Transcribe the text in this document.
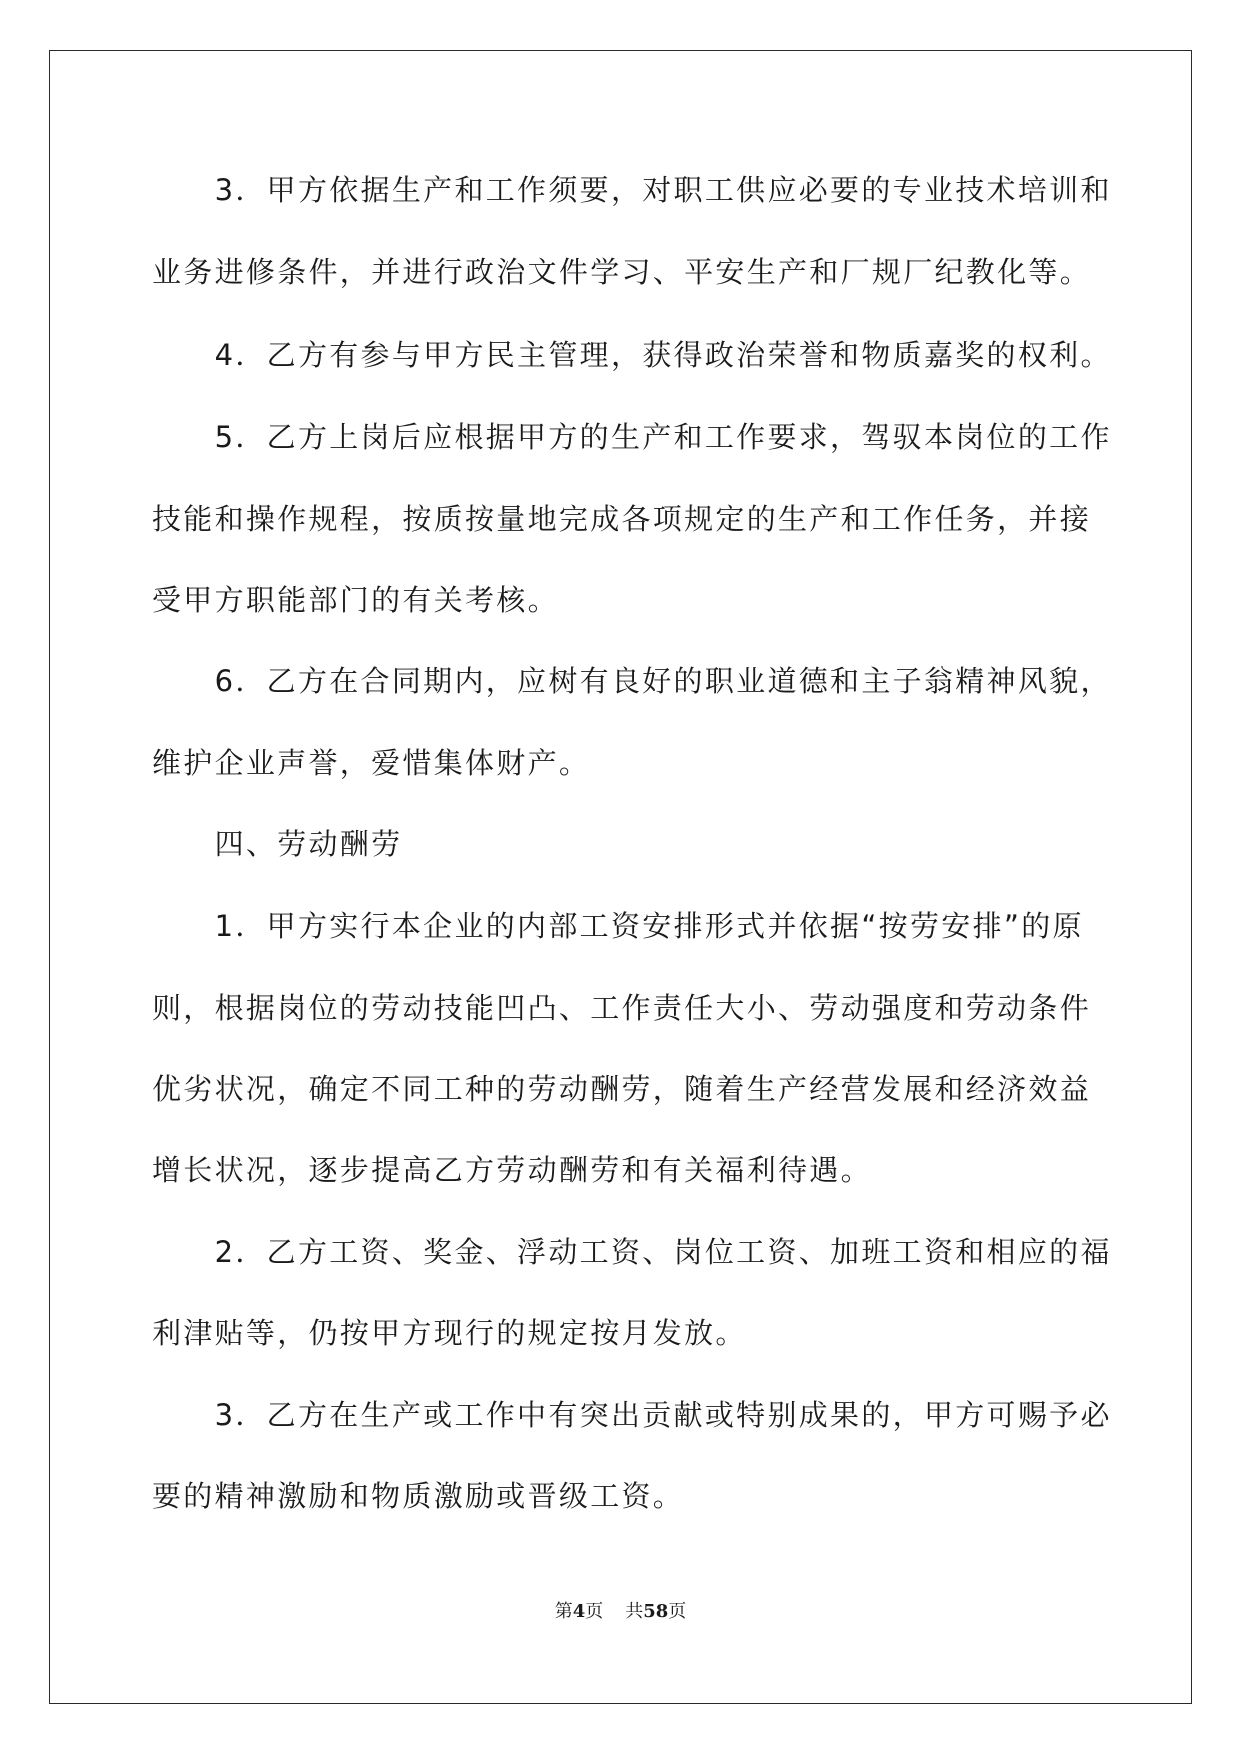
　　3．甲方依据生产和工作须要，对职工供应必要的专业技术培训和
业务进修条件，并进行政治文件学习、平安生产和厂规厂纪教化等。
　　4．乙方有参与甲方民主管理，获得政治荣誉和物质嘉奖的权利。
　　5．乙方上岗后应根据甲方的生产和工作要求，驾驭本岗位的工作
技能和操作规程，按质按量地完成各项规定的生产和工作任务，并接
受甲方职能部门的有关考核。
　　6．乙方在合同期内，应树有良好的职业道德和主子翁精神风貌，
维护企业声誉，爱惜集体财产。
　　四、劳动酬劳
　　1．甲方实行本企业的内部工资安排形式并依据“按劳安排”的原
则，根据岗位的劳动技能凹凸、工作责任大小、劳动强度和劳动条件
优劣状况，确定不同工种的劳动酬劳，随着生产经营发展和经济效益
增长状况，逐步提高乙方劳动酬劳和有关福利待遇。
　　2．乙方工资、奖金、浮动工资、岗位工资、加班工资和相应的福
利津贴等，仍按甲方现行的规定按月发放。
　　3．乙方在生产或工作中有突出贡献或特别成果的，甲方可赐予必
要的精神激励和物质激励或晋级工资。
第4页 共58页
